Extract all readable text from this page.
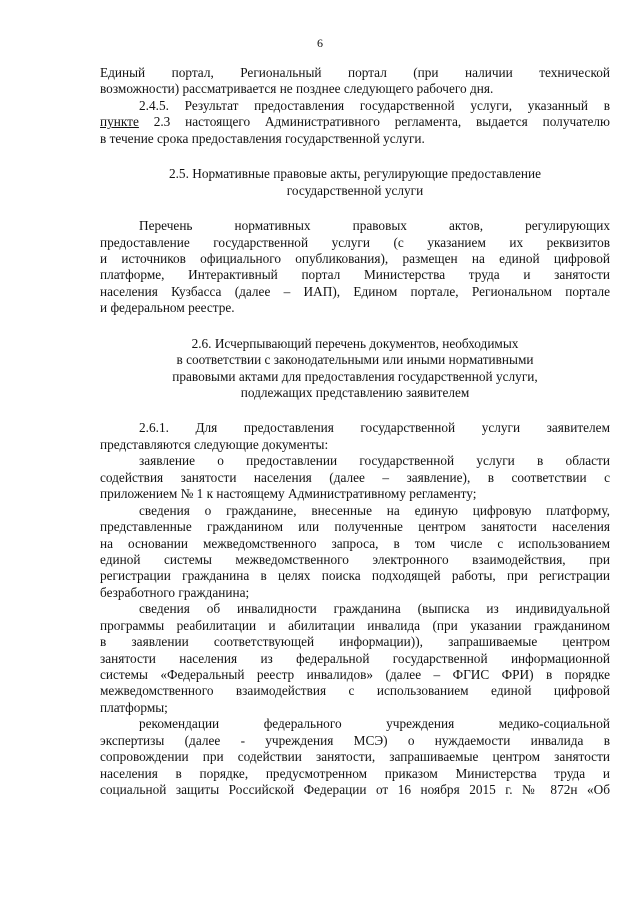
6
Единый портал, Региональный портал (при наличии технической
возможности) рассматривается не позднее следующего рабочего дня.
2.4.5. Результат предоставления государственной услуги, указанный в
пункте 2.3 настоящего Административного регламента, выдается получателю
в течение срока предоставления государственной услуги.
2.5. Нормативные правовые акты, регулирующие предоставление
государственной услуги
Перечень нормативных правовых актов, регулирующих
предоставление государственной услуги (с указанием их реквизитов
и источников официального опубликования), размещен на единой цифровой
платформе, Интерактивный портал Министерства труда и занятости
населения Кузбасса (далее – ИАП), Едином портале, Региональном портале
и федеральном реестре.
2.6. Исчерпывающий перечень документов, необходимых
в соответствии с законодательными или иными нормативными
правовыми актами для предоставления государственной услуги,
подлежащих представлению заявителем
2.6.1. Для предоставления государственной услуги заявителем
представляются следующие документы:
заявление о предоставлении государственной услуги в области
содействия занятости населения (далее – заявление), в соответствии с
приложением № 1 к настоящему Административному регламенту;
сведения о гражданине, внесенные на единую цифровую платформу,
представленные гражданином или полученные центром занятости населения
на основании межведомственного запроса, в том числе с использованием
единой системы межведомственного электронного взаимодействия, при
регистрации гражданина в целях поиска подходящей работы, при регистрации
безработного гражданина;
сведения об инвалидности гражданина (выписка из индивидуальной
программы реабилитации и абилитации инвалида (при указании гражданином
в заявлении соответствующей информации)), запрашиваемые центром
занятости населения из федеральной государственной информационной
системы «Федеральный реестр инвалидов» (далее – ФГИС ФРИ) в порядке
межведомственного взаимодействия с использованием единой цифровой
платформы;
рекомендации федерального учреждения медико-социальной
экспертизы (далее - учреждения МСЭ) о нуждаемости инвалида в
сопровождении при содействии занятости, запрашиваемые центром занятости
населения в порядке, предусмотренном приказом Министерства труда и
социальной защиты Российской Федерации от 16 ноября 2015 г. № 872н «Об
